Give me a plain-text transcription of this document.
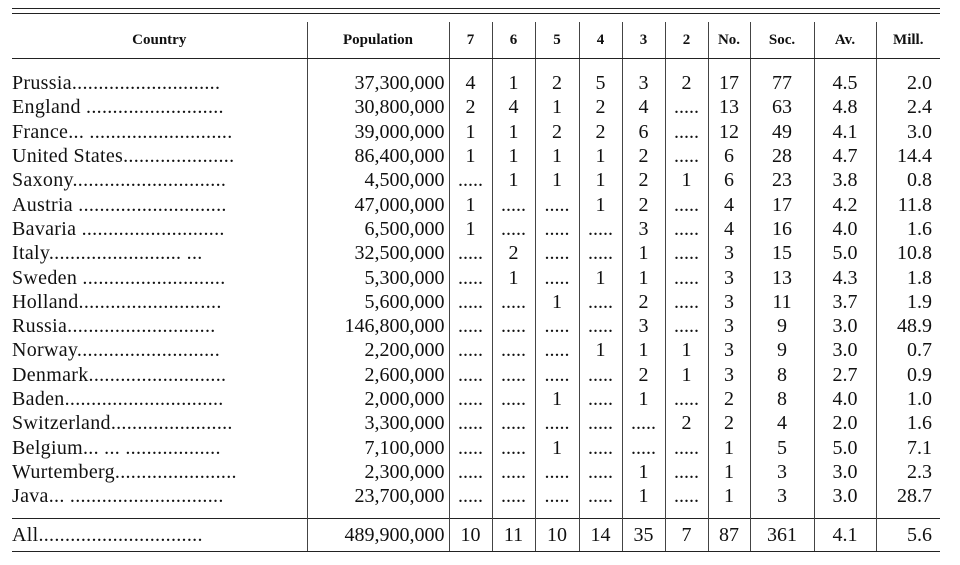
Country	Population	7	6	5	4	3	2	No.	Soc.	Av.	Mill.

Prussia............................	37,300,000	4	1	2	5	3	2	17	77	4.5	2.0
England ..........................	30,800,000	2	4	1	2	4	.....	13	63	4.8	2.4
France... ...........................	39,000,000	1	1	2	2	6	.....	12	49	4.1	3.0
United States.....................	86,400,000	1	1	1	1	2	.....	6	28	4.7	14.4
Saxony.............................	4,500,000	.....	1	1	1	2	1	6	23	3.8	0.8
Austria ............................	47,000,000	1	.....	.....	1	2	.....	4	17	4.2	11.8
Bavaria ...........................	6,500,000	1	.....	.....	.....	3	.....	4	16	4.0	1.6
Italy......................... ...	32,500,000	.....	2	.....	.....	1	.....	3	15	5.0	10.8
Sweden ...........................	5,300,000	.....	1	.....	1	1	.....	3	13	4.3	1.8
Holland...........................	5,600,000	.....	.....	1	.....	2	.....	3	11	3.7	1.9
Russia............................	146,800,000	.....	.....	.....	.....	3	.....	3	9	3.0	48.9
Norway...........................	2,200,000	.....	.....	.....	1	1	1	3	9	3.0	0.7
Denmark..........................	2,600,000	.....	.....	.....	.....	2	1	3	8	2.7	0.9
Baden..............................	2,000,000	.....	.....	1	.....	1	.....	2	8	4.0	1.0
Switzerland.......................	3,300,000	.....	.....	.....	.....	.....	2	2	4	2.0	1.6
Belgium... ... ..................	7,100,000	.....	.....	1	.....	.....	.....	1	5	5.0	7.1
Wurtemberg.......................	2,300,000	.....	.....	.....	.....	1	.....	1	3	3.0	2.3
Java... .............................	23,700,000	.....	.....	.....	.....	1	.....	1	3	3.0	28.7

All...............................	489,900,000	10	11	10	14	35	7	87	361	4.1	5.6
